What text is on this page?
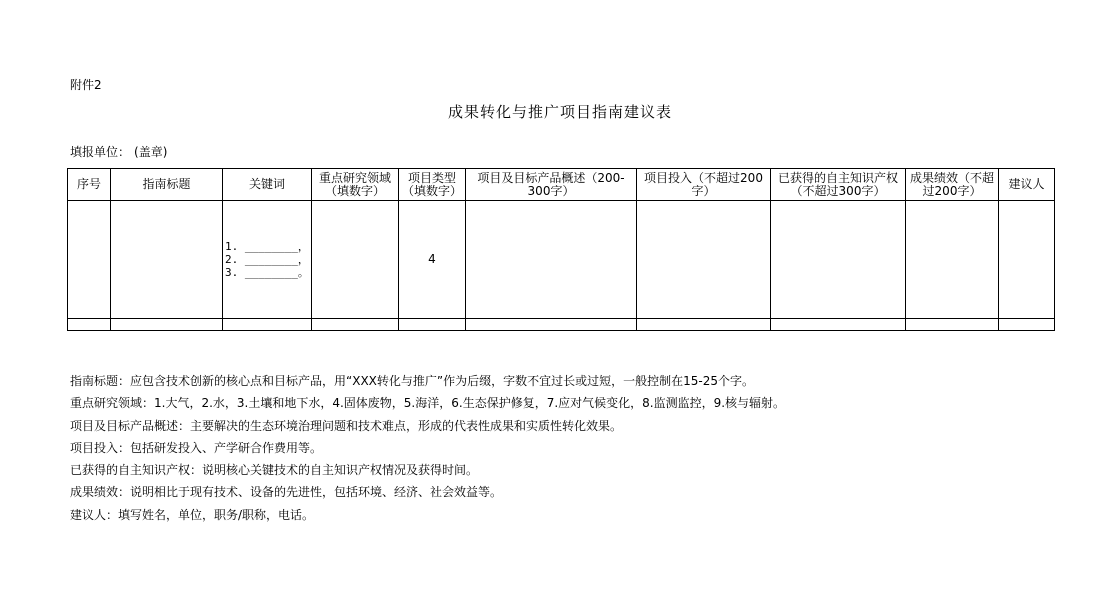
附件2
成果转化与推广项目指南建议表
填报单位： (盖章)
序号	指南标题	关键词	重点研究领域（填数字）	项目类型（填数字）	项目及目标产品概述（200-300字）	项目投入（不超过200字）	已获得的自主知识产权（不超过300字）	成果绩效（不超过200字）	建议人

		1. ________，
2. ________，
3. ________。		4					

指南标题：应包含技术创新的核心点和目标产品，用“XXX转化与推广”作为后缀，字数不宜过长或过短，一般控制在15-25个字。
重点研究领域：1.大气，2.水，3.土壤和地下水，4.固体废物，5.海洋，6.生态保护修复，7.应对气候变化，8.监测监控，9.核与辐射。
项目及目标产品概述：主要解决的生态环境治理问题和技术难点，形成的代表性成果和实质性转化效果。
项目投入：包括研发投入、产学研合作费用等。
已获得的自主知识产权：说明核心关键技术的自主知识产权情况及获得时间。
成果绩效：说明相比于现有技术、设备的先进性，包括环境、经济、社会效益等。
建议人：填写姓名，单位，职务/职称，电话。
